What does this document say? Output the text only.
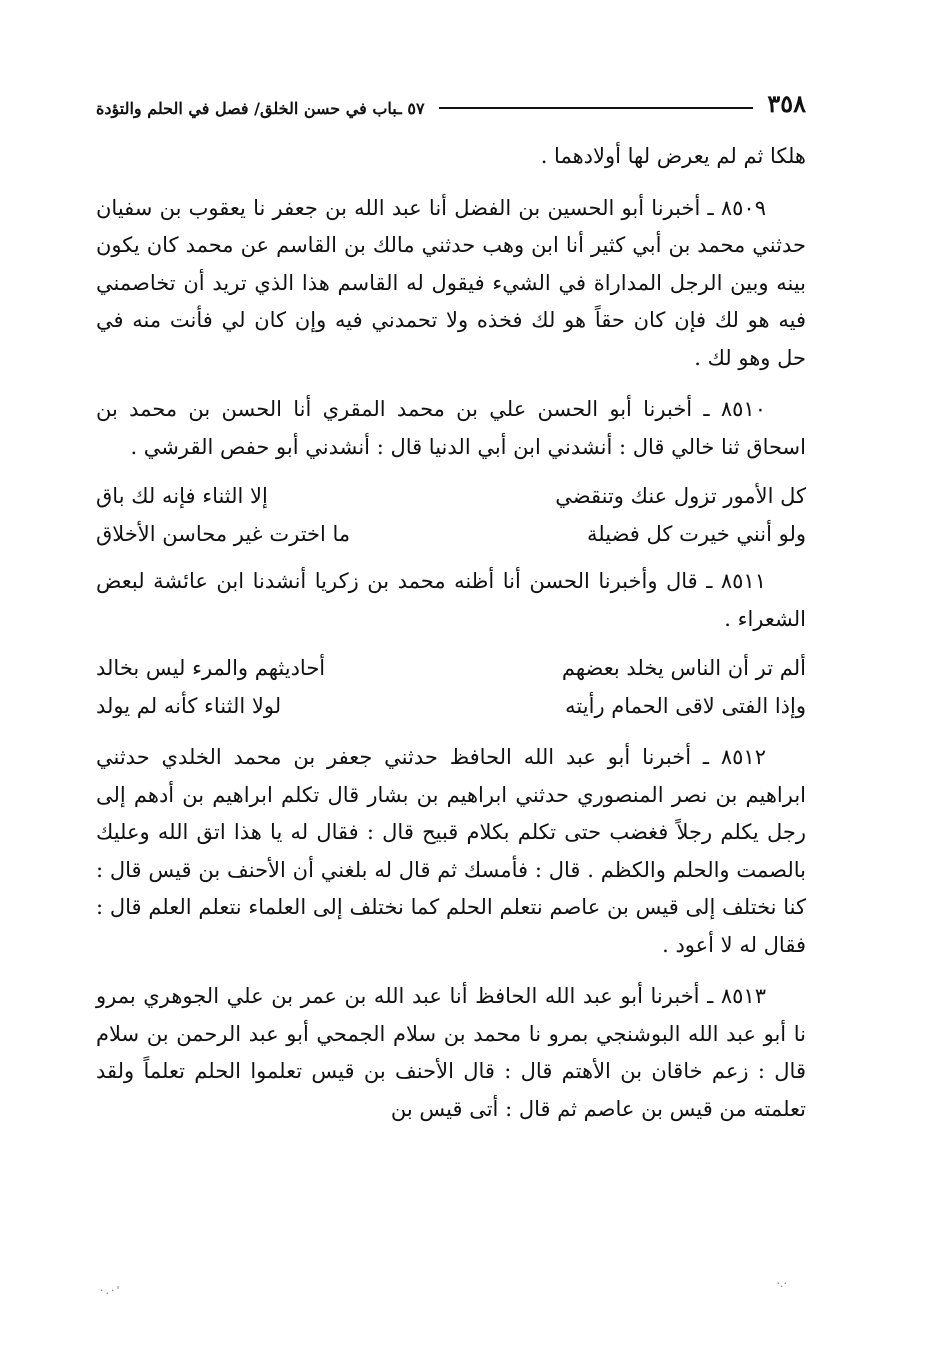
٣٥٨
٥٧ ـباب في حسن الخلق/ فصل في الحلم والتؤدة

هلكا ثم لم يعرض لها أولادهما .

٨٥٠٩ ـ أخبرنا أبو الحسين بن الفضل أنا عبد الله بن جعفر نا يعقوب بن سفيان حدثني محمد بن أبي كثير أنا ابن وهب حدثني مالك بن القاسم عن محمد كان يكون بينه وبين الرجل المداراة في الشيء فيقول له القاسم هذا الذي تريد أن تخاصمني فيه هو لك فإن كان حقاً هو لك فخذه ولا تحمدني فيه وإن كان لي فأنت منه في حل وهو لك .

٨٥١٠ ـ أخبرنا أبو الحسن علي بن محمد المقري أنا الحسن بن محمد بن اسحاق ثنا خالي قال : أنشدني ابن أبي الدنيا قال : أنشدني أبو حفص القرشي .

كل الأمور تزول عنك وتنقضي
إلا الثناء فإنه لك باق
ولو أنني خيرت كل فضيلة
ما اخترت غير محاسن الأخلاق

٨٥١١ ـ قال وأخبرنا الحسن أنا أظنه محمد بن زكريا أنشدنا ابن عائشة لبعض الشعراء .

ألم تر أن الناس يخلد بعضهم
أحاديثهم والمرء ليس بخالد
وإذا الفتى لاقى الحمام رأيته
لولا الثناء كأنه لم يولد

٨٥١٢ ـ أخبرنا أبو عبد الله الحافظ حدثني جعفر بن محمد الخلدي حدثني ابراهيم بن نصر المنصوري حدثني ابراهيم بن بشار قال تكلم ابراهيم بن أدهم إلى رجل يكلم رجلاً فغضب حتى تكلم بكلام قبيح قال : فقال له يا هذا اتق الله وعليك بالصمت والحلم والكظم . قال : فأمسك ثم قال له بلغني أن الأحنف بن قيس قال : كنا نختلف إلى قيس بن عاصم نتعلم الحلم كما نختلف إلى العلماء نتعلم العلم قال : فقال له لا أعود .

٨٥١٣ ـ أخبرنا أبو عبد الله الحافظ أنا عبد الله بن عمر بن علي الجوهري بمرو نا أبو عبد الله البوشنجي بمرو نا محمد بن سلام الجمحي أبو عبد الرحمن بن سلام قال : زعم خاقان بن الأهتم قال : قال الأحنف بن قيس تعلموا الحلم تعلماً ولقد تعلمته من قيس بن عاصم ثم قال : أتى قيس بن

·.·'
·.·
